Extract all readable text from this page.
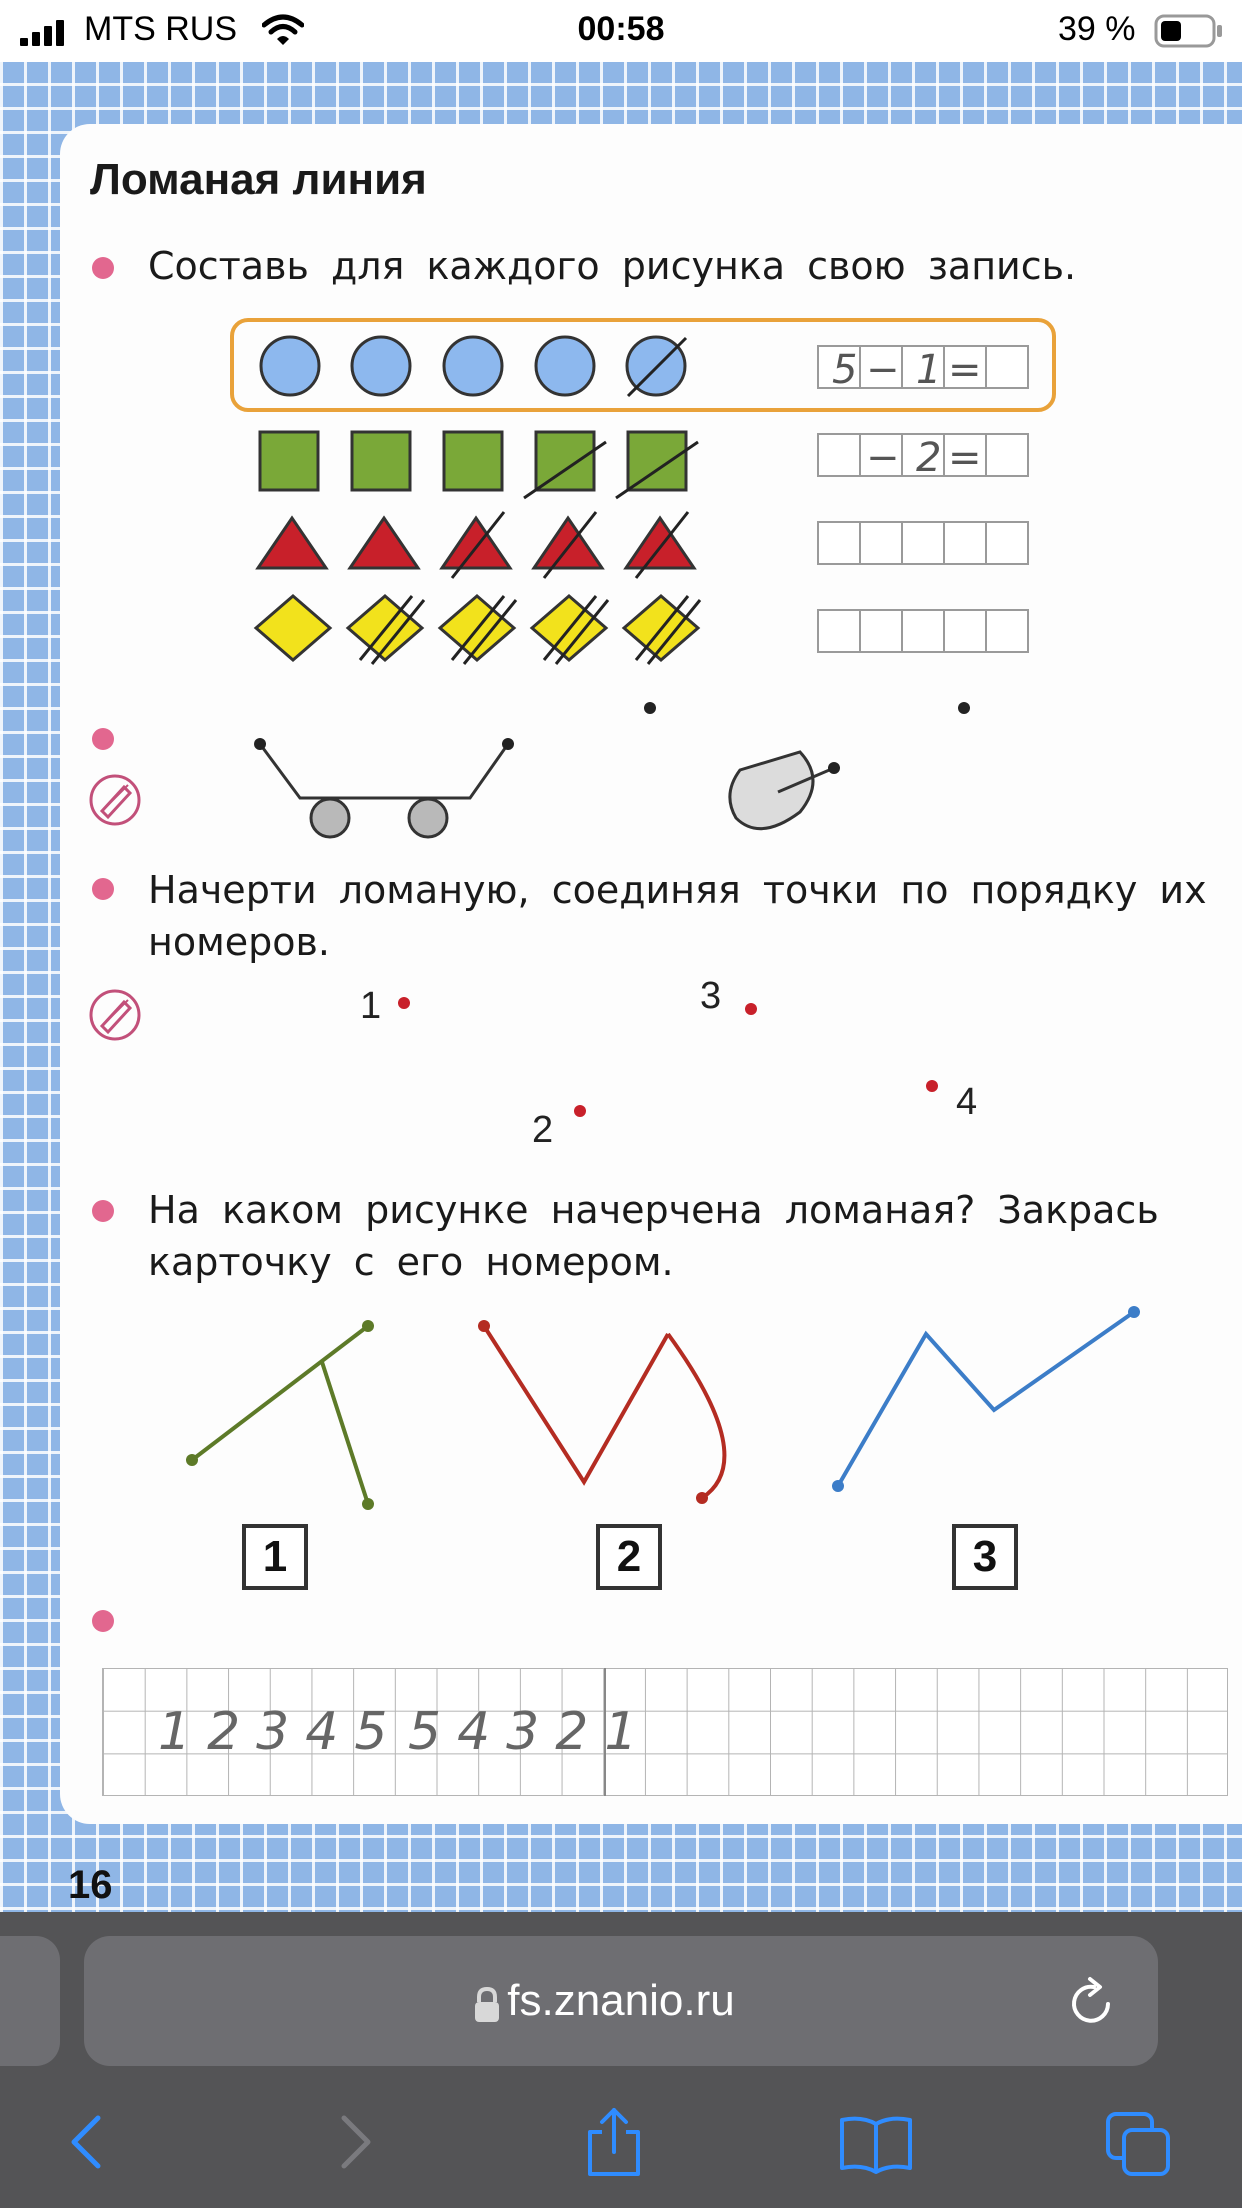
MTS RUS	00:58	39 %
Ломаная линия
Составь для каждого рисунка свою запись.
5 − 1 =
− 2 =
1
2
3
4
Начерти ломаную, соединяя точки по порядку их номеров.
На каком рисунке начерчена ломаная? Закрась карточку с его номером.
1	2	3
12345 54321
16
fs.znanio.ru
